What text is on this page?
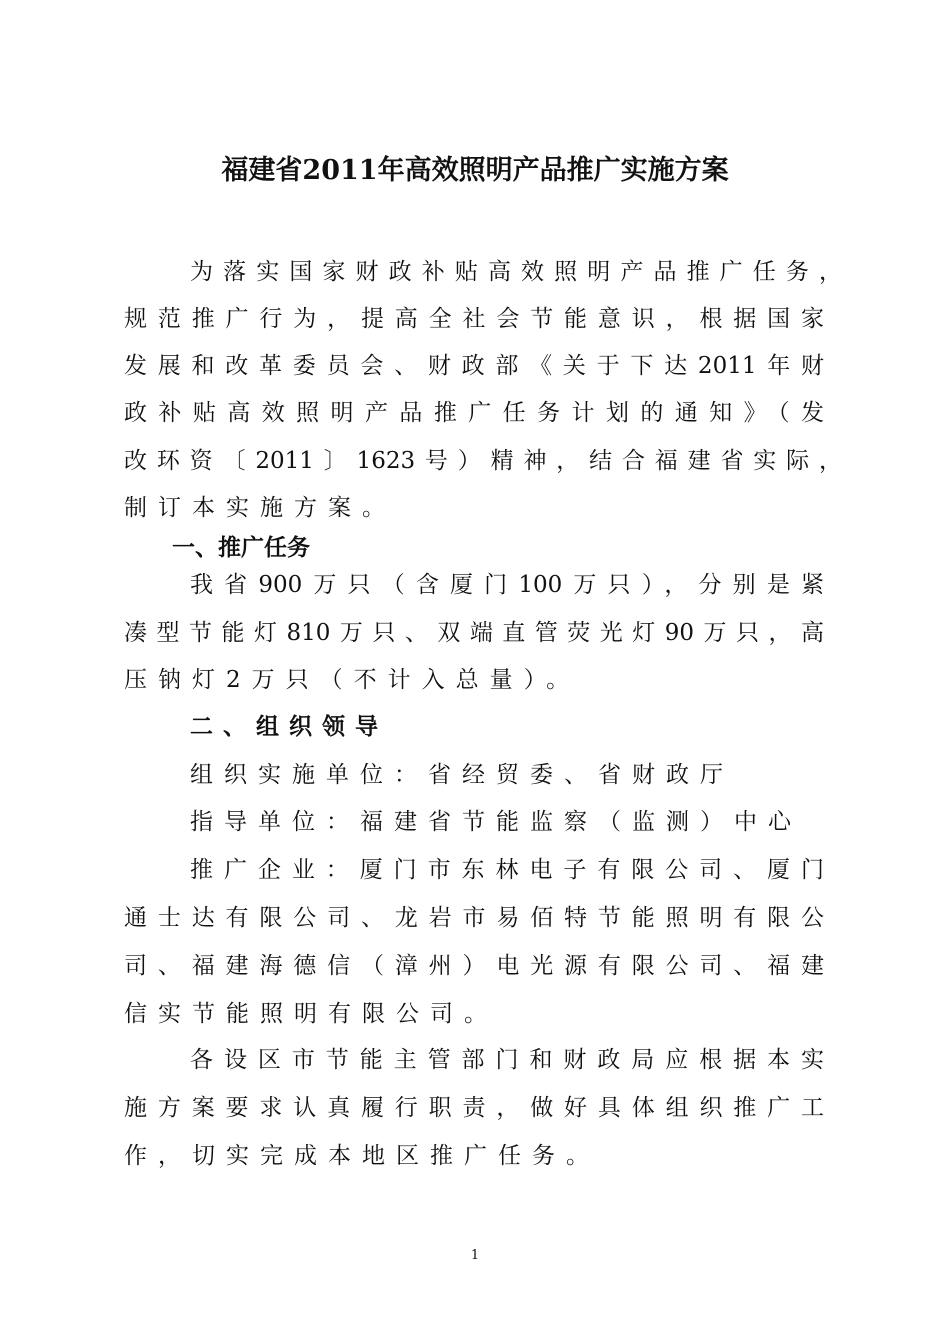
福建省2011年高效照明产品推广实施方案
为落实国家财政补贴高效照明产品推广任务，
规范推广行为，提高全社会节能意识，根据国家
发展和改革委员会、财政部《关于下达2011年财
政补贴高效照明产品推广任务计划的通知》（发
改环资〔2011〕1623号）精神，结合福建省实际，
制订本实施方案。
一、推广任务
我省900万只（含厦门100万只），分别是紧
凑型节能灯810万只、双端直管荧光灯90万只，高
压钠灯2万只（不计入总量）。
二、组织领导
组织实施单位：省经贸委、省财政厅
指导单位：福建省节能监察（监测）中心
推广企业：厦门市东林电子有限公司、厦门
通士达有限公司、龙岩市易佰特节能照明有限公
司、福建海德信（漳州）电光源有限公司、福建
信实节能照明有限公司。
各设区市节能主管部门和财政局应根据本实
施方案要求认真履行职责，做好具体组织推广工
作，切实完成本地区推广任务。
1
